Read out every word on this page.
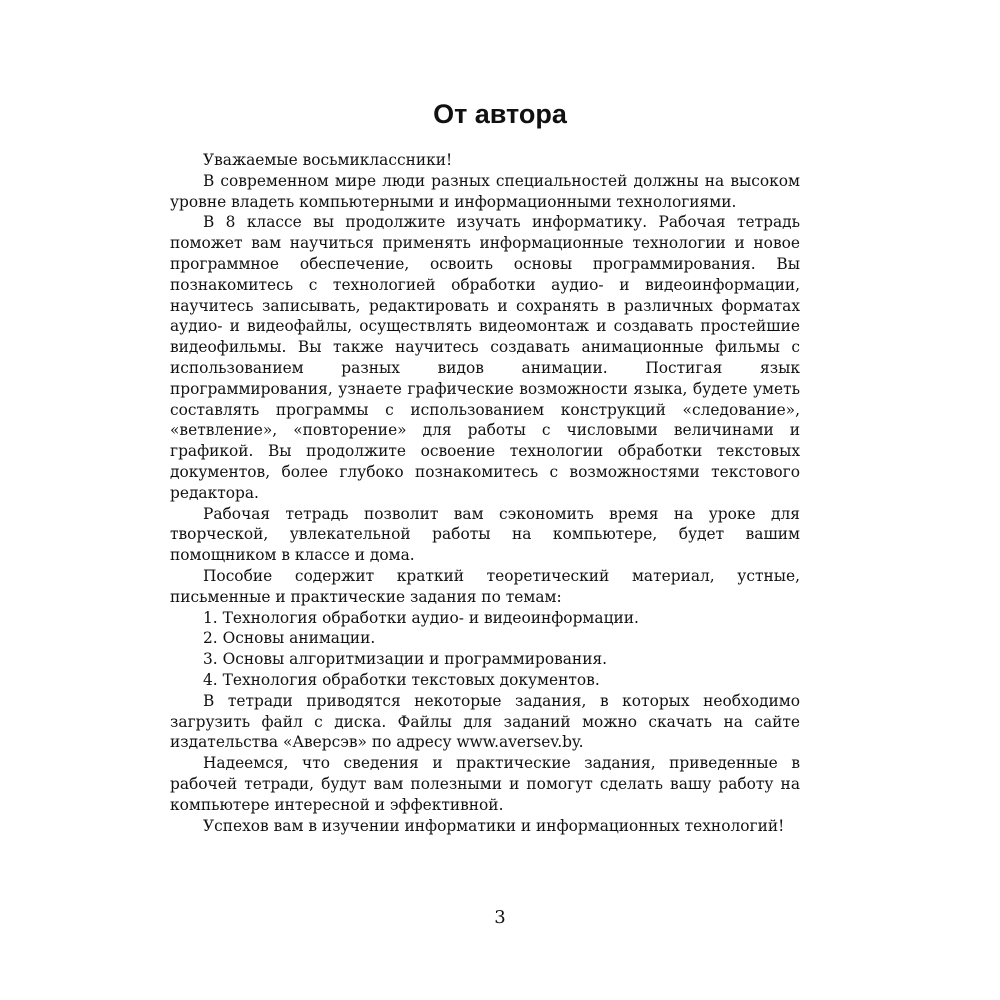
От автора

Уважаемые восьмиклассники!

В современном мире люди разных специальностей должны на высоком уровне владеть компьютерными и информационными технологиями.

В 8 классе вы продолжите изучать информатику. Рабочая тетрадь поможет вам научиться применять информационные технологии и новое программное обеспечение, освоить основы программирования. Вы познакомитесь с технологией обработки аудио- и видеоинформации, научитесь записывать, редактировать и сохранять в различных форматах аудио- и видеофайлы, осуществлять видеомонтаж и создавать простейшие видеофильмы. Вы также научитесь создавать анимационные фильмы с использованием разных видов анимации. Постигая язык программирования, узнаете графические возможности языка, будете уметь составлять программы с использованием конструкций «следование», «ветвление», «повторение» для работы с числовыми величинами и графикой. Вы продолжите освоение технологии обработки текстовых документов, более глубоко познакомитесь с возможностями текстового редактора.

Рабочая тетрадь позволит вам сэкономить время на уроке для творческой, увлекательной работы на компьютере, будет вашим помощником в классе и дома.

Пособие содержит краткий теоретический материал, устные, письменные и практические задания по темам:

1. Технология обработки аудио- и видеоинформации.

2. Основы анимации.

3. Основы алгоритмизации и программирования.

4. Технология обработки текстовых документов.

В тетради приводятся некоторые задания, в которых необходимо загрузить файл с диска. Файлы для заданий можно скачать на сайте издательства «Аверсэв» по адресу www.aversev.by.

Надеемся, что сведения и практические задания, приведенные в рабочей тетради, будут вам полезными и помогут сделать вашу работу на компьютере интересной и эффективной.

Успехов вам в изучении информатики и информационных технологий!

3
